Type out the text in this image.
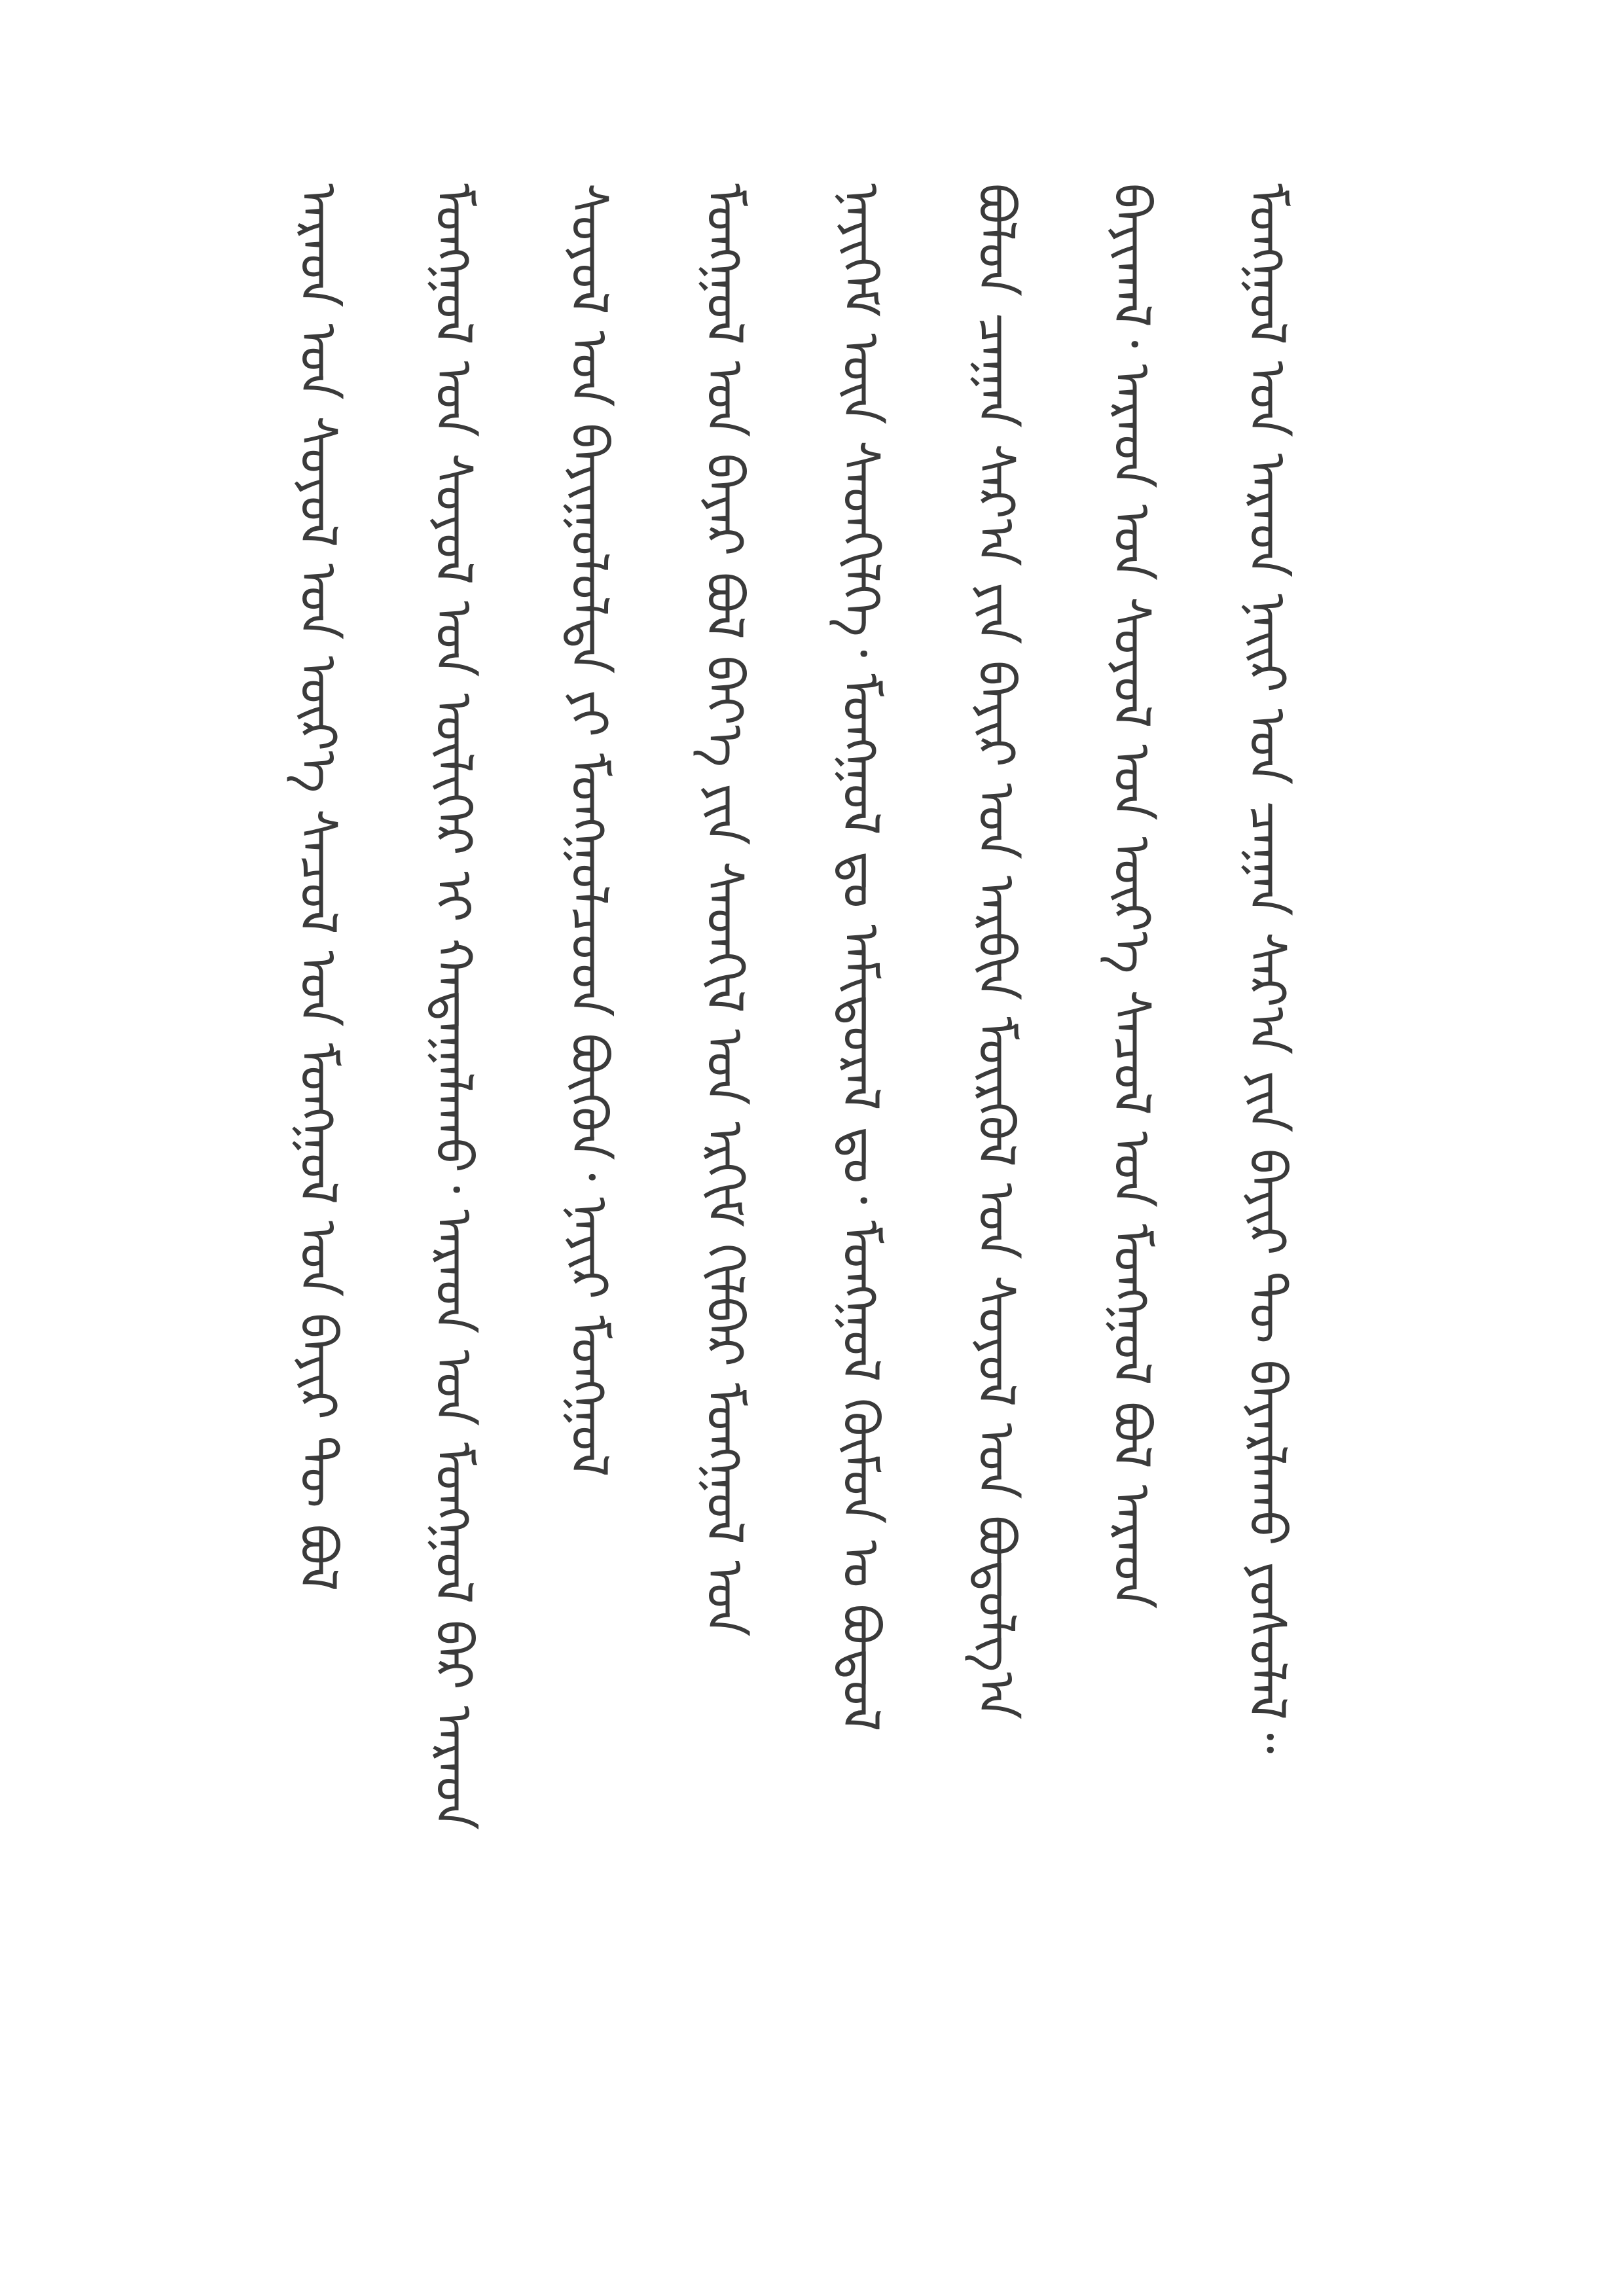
ᠮᠣᠩᠭᠣᠯ ᠤᠨ ᠠᠷᠠᠳ ᠨᠠᠢᠷ ᠤᠨ ᠴᠠᠭᠠᠨ ᠰᠠᠷ᠎ᠠ ᠶᠢᠨ ᠪᠠᠶᠢᠷ ᠲᠦ ᠪᠠᠶᠠᠷᠯᠠᠬᠤ ᠶᠤᠰᠤᠯᠠᠯ᠃
ᠪᠠᠶᠢᠭ᠍ᠠᠯ᠂ ᠠᠷᠠᠳ ᠤᠨ ᠰᠤᠶᠤᠯ ᠤᠨ ᠦᠷ᠎ᠡ ᠰᠠᠴᠤᠯ ᠤᠨ ᠮᠣᠩᠭᠣᠯ ᠪᠣᠯ ᠠᠷᠠᠳ
ᠪᠣᠯᠤᠨ ᠴᠠᠭᠠᠨ ᠰᠠᠷ᠎ᠠ ᠶᠢᠨ ᠪᠠᠶᠢᠷ ᠤᠨ ᠠᠷᠪᠢᠨ ᠮᠥᠷᠭᠦᠯ ᠤᠨ ᠰᠤᠶᠤᠯ ᠤᠨ ᠪᠤᠳᠤᠯᠭ᠎ᠠ
ᠨᠡᠶᠢᠭᠡᠮ ᠦᠨ ᠰᠡᠳᠬᠢᠯᠭᠡ᠂ ᠮᠣᠩᠭᠣᠯ ᠳᠤ ᠠᠮᠢᠳᠤᠷᠠᠯ ᠳᠤ᠂ ᠮᠣᠩᠭᠣᠯ ᠬᠦᠮᠦᠨ ᠤ ᠪᠣᠳᠤᠯ
ᠮᠣᠩᠭᠣᠯ ᠤᠨ ᠪᠠᠶᠠᠷ ᠪᠣᠯ ᠪᠡᠶ᠎ᠡ ᠶᠢᠨ ᠰᠡᠳᠬᠢᠯ ᠤᠨ ᠡᠷᠬᠢᠮ ᠬᠢᠯᠪᠠᠷ ᠮᠣᠩᠭᠣᠯ ᠤᠨ
ᠰᠤᠶᠤᠯ ᠤᠨ ᠪᠠᠶᠢᠭᠤᠯᠤᠯᠲᠠ ᠶᠢ ᠮᠣᠩᠭᠣᠯᠴᠤᠳ ᠪᠦᠬᠦᠨ᠂ ᠨᠠᠶᠢᠷ ᠮᠣᠩᠭᠣᠯ
ᠮᠣᠩᠭᠣᠯ ᠤᠨ ᠰᠤᠶᠤᠯ ᠤᠨ ᠦᠯᠢᠭᠡᠷ ᠢ ᠬᠠᠳᠠᠭᠠᠯᠠᠬᠤ᠂ ᠠᠷᠠᠳ ᠤᠨ ᠮᠣᠩᠭᠣᠯ ᠪᠡᠷ ᠠᠷᠠᠳ
ᠠᠷᠠᠳ ᠤᠨ ᠰᠤᠶᠤᠯ ᠤᠨ ᠦᠷ᠎ᠡ ᠰᠠᠴᠤᠯ ᠤᠨ ᠮᠣᠩᠭᠣᠯ ᠤᠨ ᠪᠠᠶᠢᠷ ᠲᠦ ᠪᠣᠯ
